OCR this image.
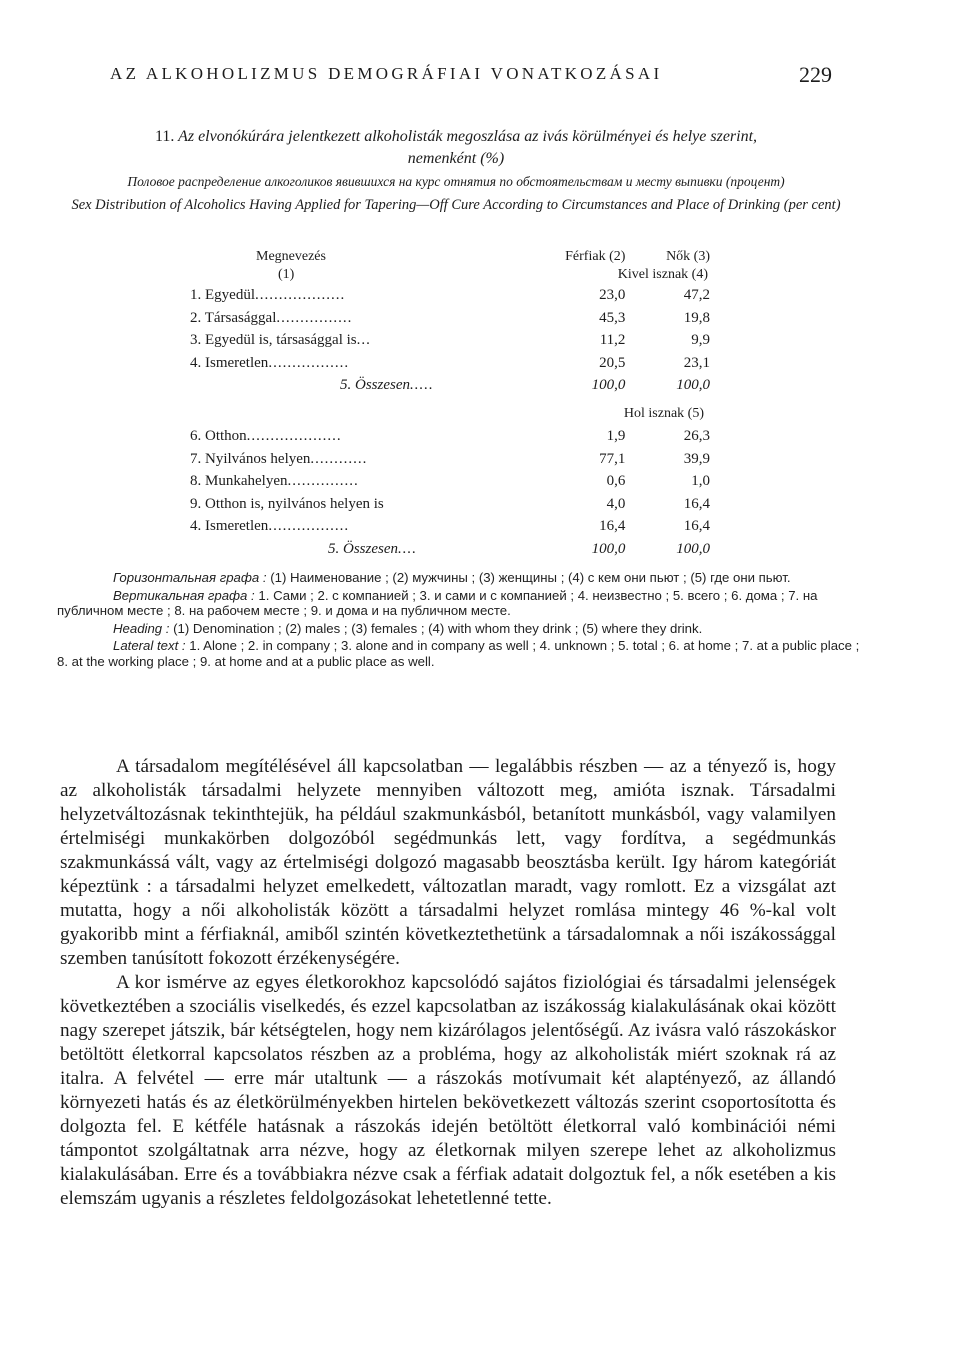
AZ ALKOHOLIZMUS DEMOGRÁFIAI VONATKOZÁSAI	229

11. Az elvonókúrára jelentkezett alkoholisták megoszlása az ivás körülményei és helye szerint,
nemenként (%)

Половое распределение алкоголиков явившихся на курс отнятия по обстоятельствам и месту выпивки (процент)

Sex Distribution of Alcoholics Having Applied for Tapering—Off Cure According to Circumstances and Place of Drinking (per cent)

Megnevezés	Férfiak (2)	Nők (3)
(1)	Kivel isznak (4)	
1. Egyedül...................	23,0	47,2
2. Társasággal................	45,3	19,8
3. Egyedül is, társasággal is...	11,2	9,9
4. Ismeretlen.................	20,5	23,1
5. Összesen.....	100,0	100,0
	Hol isznak (5)	
6. Otthon....................	1,9	26,3
7. Nyilvános helyen............	77,1	39,9
8. Munkahelyen...............	0,6	1,0
9. Otthon is, nyilvános helyen is	4,0	16,4
4. Ismeretlen.................	16,4	16,4
5. Összesen....	100,0	100,0

Горизонтальная графа : (1) Наименование ; (2) мужчины ; (3) женщины ; (4) с кем они пьют ; (5) где они пьют.

Вертикальная графа : 1. Сами ; 2. с компанией ; 3. и сами и с компанией ; 4. неизвестно ; 5. всего ; 6. дома ; 7. на публичном месте ; 8. на рабочем месте ; 9. и дома и на публичном месте.

Heading : (1) Denomination ; (2) males ; (3) females ; (4) with whom they drink ; (5) where they drink.

Lateral text : 1. Alone ; 2. in company ; 3. alone and in company as well ; 4. unknown ; 5. total ; 6. at home ; 7. at a public place ; 8. at the working place ; 9. at home and at a public place as well.

A társadalom megítélésével áll kapcsolatban — legalábbis részben — az a tényező is, hogy az alkoholisták társadalmi helyzete mennyiben változott meg, amióta isznak. Társadalmi helyzetváltozásnak tekinthtejük, ha például szakmunkásból, betanított munkásból, vagy valamilyen értelmiségi munkakörben dolgozóból segédmunkás lett, vagy fordítva, a segédmunkás szakmunkássá vált, vagy az értelmiségi dolgozó magasabb beosztásba került. Igy három kategóriát képeztünk : a társadalmi helyzet emelkedett, változatlan maradt, vagy romlott. Ez a vizsgálat azt mutatta, hogy a női alkoholisták között a társadalmi helyzet romlása mintegy 46 %-kal volt gyakoribb mint a férfiaknál, amiből szintén következtethetünk a társadalomnak a női iszákossággal szemben tanúsított fokozott érzékenységére.

A kor ismérve az egyes életkorokhoz kapcsolódó sajátos fiziológiai és társadalmi jelenségek következtében a szociális viselkedés, és ezzel kapcsolatban az iszákosság kialakulásának okai között nagy szerepet játszik, bár kétségtelen, hogy nem kizárólagos jelentőségű. Az ivásra való rászokáskor betöltött életkorral kapcsolatos részben az a probléma, hogy az alkoholisták miért szoknak rá az italra. A felvétel — erre már utaltunk — a rászokás motívumait két alaptényező, az állandó környezeti hatás és az életkörülményekben hirtelen bekövetkezett változás szerint csoportosította és dolgozta fel. E kétféle hatásnak a rászokás idején betöltött életkorral való kombinációi némi támpontot szolgáltatnak arra nézve, hogy az életkornak milyen szerepe lehet az alkoholizmus kialakulásában. Erre és a továbbiakra nézve csak a férfiak adatait dolgoztuk fel, a nők esetében a kis elemszám ugyanis a részletes feldolgozásokat lehetetlenné tette.
